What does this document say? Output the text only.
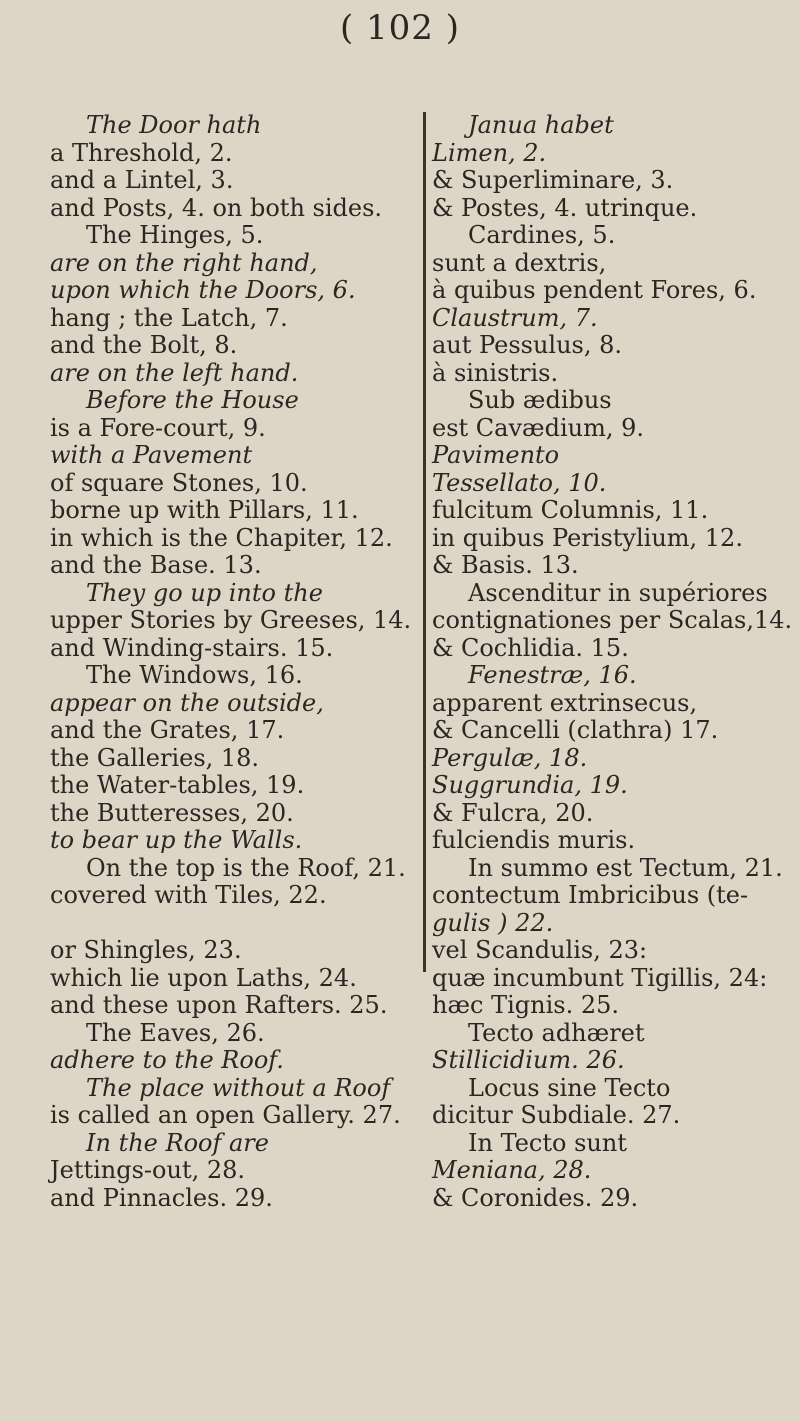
( 102 )
The Door hath
a Threshold, 2.
and a Lintel, 3.
and Posts, 4. on both sides.
The Hinges, 5.
are on the right hand,
upon which the Doors, 6.
hang ; the Latch, 7.
and the Bolt, 8.
are on the left hand.
Before the House
is a Fore-court, 9.
with a Pavement
of square Stones, 10.
borne up with Pillars, 11.
in which is the Chapiter, 12.
and the Base. 13.
They go up into the
upper Stories by Greeses, 14.
and Winding-stairs. 15.
The Windows, 16.
appear on the outside,
and the Grates, 17.
the Galleries, 18.
the Water-tables, 19.
the Butteresses, 20.
to bear up the Walls.
On the top is the Roof, 21.
covered with Tiles, 22.
or Shingles, 23.
which lie upon Laths, 24.
and these upon Rafters. 25.
The Eaves, 26.
adhere to the Roof.
The place without a Roof
is called an open Gallery. 27.
In the Roof are
Jettings-out, 28.
and Pinnacles. 29.
Janua habet
Limen, 2.
& Superliminare, 3.
& Postes, 4. utrinque.
Cardines, 5.
sunt a dextris,
à quibus pendent Fores, 6.
Claustrum, 7.
aut Pessulus, 8.
à sinistris.
Sub ædibus
est Cavædium, 9.
Pavimento
Tessellato, 10.
fulcitum Columnis, 11.
in quibus Peristylium, 12.
& Basis. 13.
Ascenditur in supériores
contignationes per Scalas,14.
& Cochlidia. 15.
Fenestræ, 16.
apparent extrinsecus,
& Cancelli (clathra) 17.
Pergulæ, 18.
Suggrundia, 19.
& Fulcra, 20.
fulciendis muris.
In summo est Tectum, 21.
contectum Imbricibus (te-
gulis ) 22.
vel Scandulis, 23:
quæ incumbunt Tigillis, 24:
hæc Tignis. 25.
Tecto adhæret
Stillicidium. 26.
Locus sine Tecto
dicitur Subdiale. 27.
In Tecto sunt
Meniana, 28.
& Coronides. 29.
